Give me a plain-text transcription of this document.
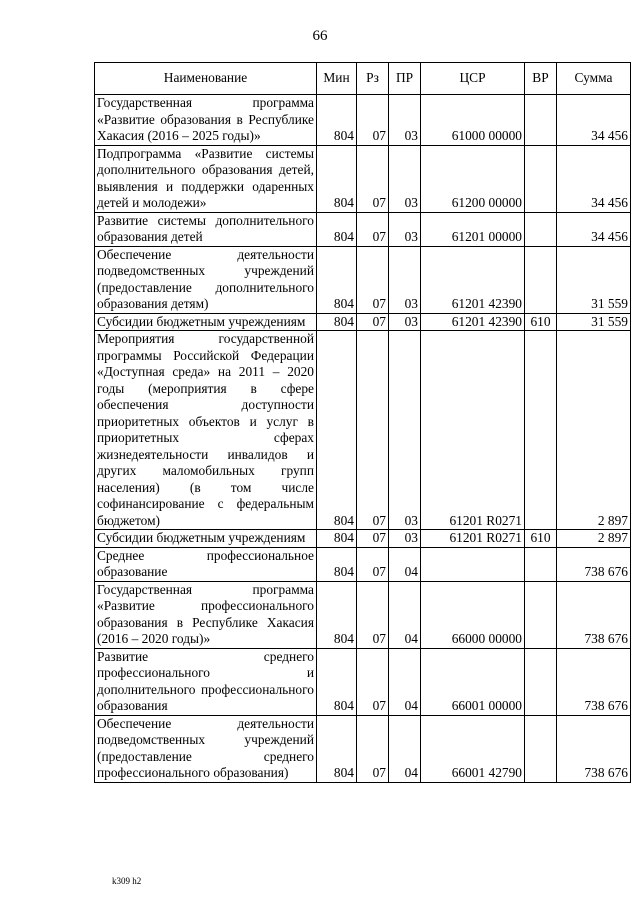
66
Наименование	Мин	Рз	ПР	ЦСР	ВР	Сумма
Государственная программа «Развитие образования в Республике Хакасия (2016 – 2025 годы)»	804	07	03	61000 00000		34 456
Подпрограмма «Развитие системы дополнительного образования детей, выявления и поддержки одаренных детей и молодежи»	804	07	03	61200 00000		34 456
Развитие системы дополнительного образования детей	804	07	03	61201 00000		34 456
Обеспечение деятельности подведомственных учреждений (предоставление дополнительного образования детям)	804	07	03	61201 42390		31 559
Субсидии бюджетным учреждениям	804	07	03	61201 42390	610	31 559
Мероприятия государственной программы Российской Федерации «Доступная среда» на 2011 – 2020 годы (мероприятия в сфере обеспечения доступности приоритетных объектов и услуг в приоритетных сферах жизнедеятельности инвалидов и других маломобильных групп населения) (в том числе софинансирование с федеральным бюджетом)	804	07	03	61201 R0271		2 897
Субсидии бюджетным учреждениям	804	07	03	61201 R0271	610	2 897
Среднее профессиональное образование	804	07	04			738 676
Государственная программа «Развитие профессионального образования в Республике Хакасия (2016 – 2020 годы)»	804	07	04	66000 00000		738 676
Развитие среднего профессионального и дополнительного профессионального образования	804	07	04	66001 00000		738 676
Обеспечение деятельности подведомственных учреждений (предоставление среднего профессионального образования)	804	07	04	66001 42790		738 676
k309 h2
